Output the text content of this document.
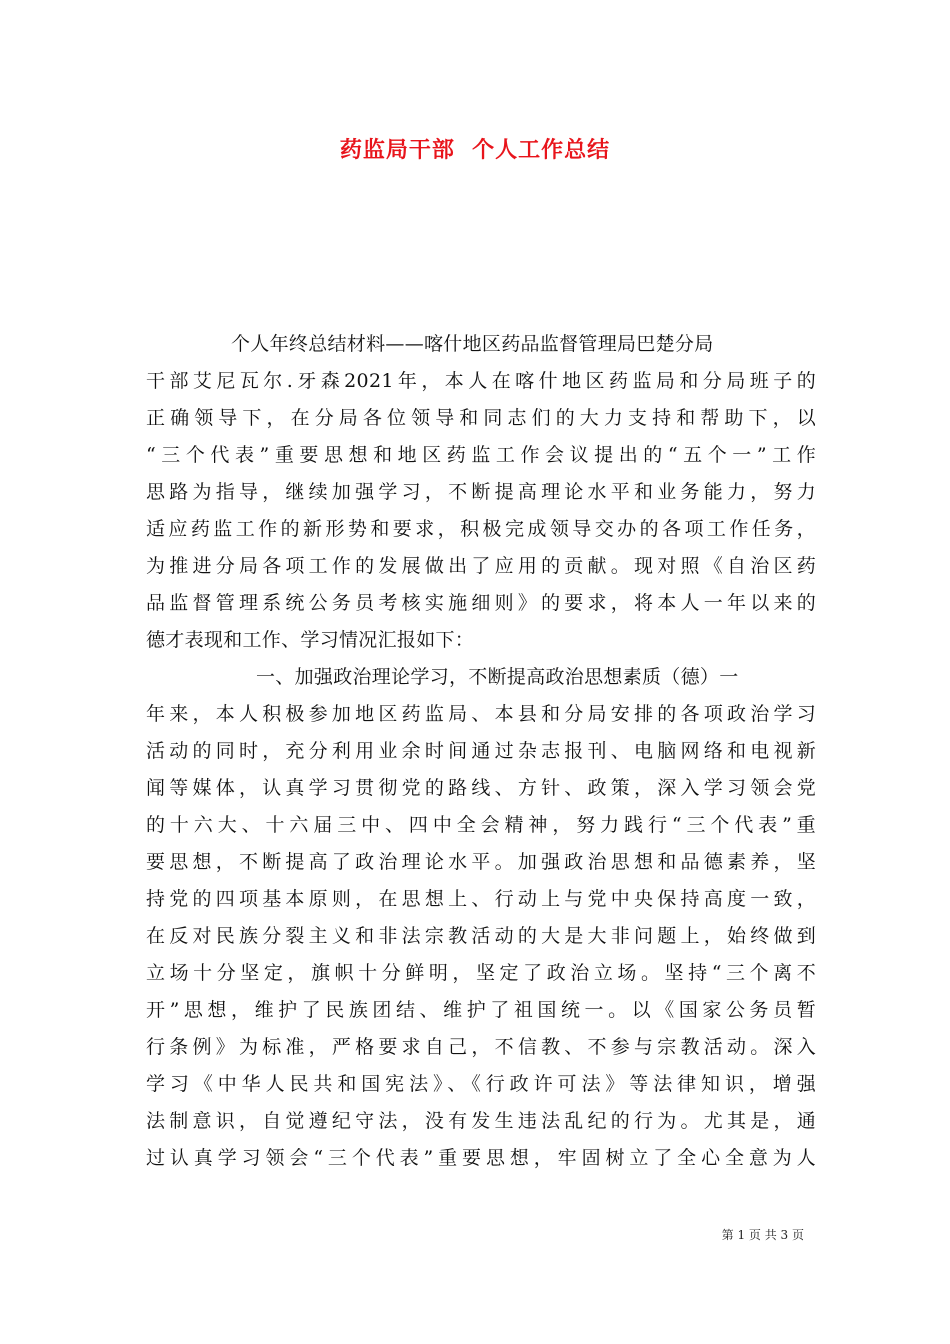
药监局干部  个人工作总结
个人年终总结材料——喀什地区药品监督管理局巴楚分局
干部艾尼瓦尔.牙森2021年，本人在喀什地区药监局和分局班子的
正确领导下，在分局各位领导和同志们的大力支持和帮助下，以
“三个代表”重要思想和地区药监工作会议提出的“五个一”工作
思路为指导，继续加强学习，不断提高理论水平和业务能力，努力
适应药监工作的新形势和要求，积极完成领导交办的各项工作任务，
为推进分局各项工作的发展做出了应用的贡献。现对照《自治区药
品监督管理系统公务员考核实施细则》的要求，将本人一年以来的
德才表现和工作、学习情况汇报如下：
一、加强政治理论学习，不断提高政治思想素质（德）一
年来，本人积极参加地区药监局、本县和分局安排的各项政治学习
活动的同时，充分利用业余时间通过杂志报刊、电脑网络和电视新
闻等媒体，认真学习贯彻党的路线、方针、政策，深入学习领会党
的十六大、十六届三中、四中全会精神，努力践行“三个代表”重
要思想，不断提高了政治理论水平。加强政治思想和品德素养，坚
持党的四项基本原则，在思想上、行动上与党中央保持高度一致，
在反对民族分裂主义和非法宗教活动的大是大非问题上，始终做到
立场十分坚定，旗帜十分鲜明，坚定了政治立场。坚持“三个离不
开”思想，维护了民族团结、维护了祖国统一。以《国家公务员暂
行条例》为标准，严格要求自己，不信教、不参与宗教活动。深入
学习《中华人民共和国宪法》、《行政许可法》等法律知识，增强
法制意识，自觉遵纪守法，没有发生违法乱纪的行为。尤其是，通
过认真学习领会“三个代表”重要思想，牢固树立了全心全意为人
第 1 页 共 3 页
